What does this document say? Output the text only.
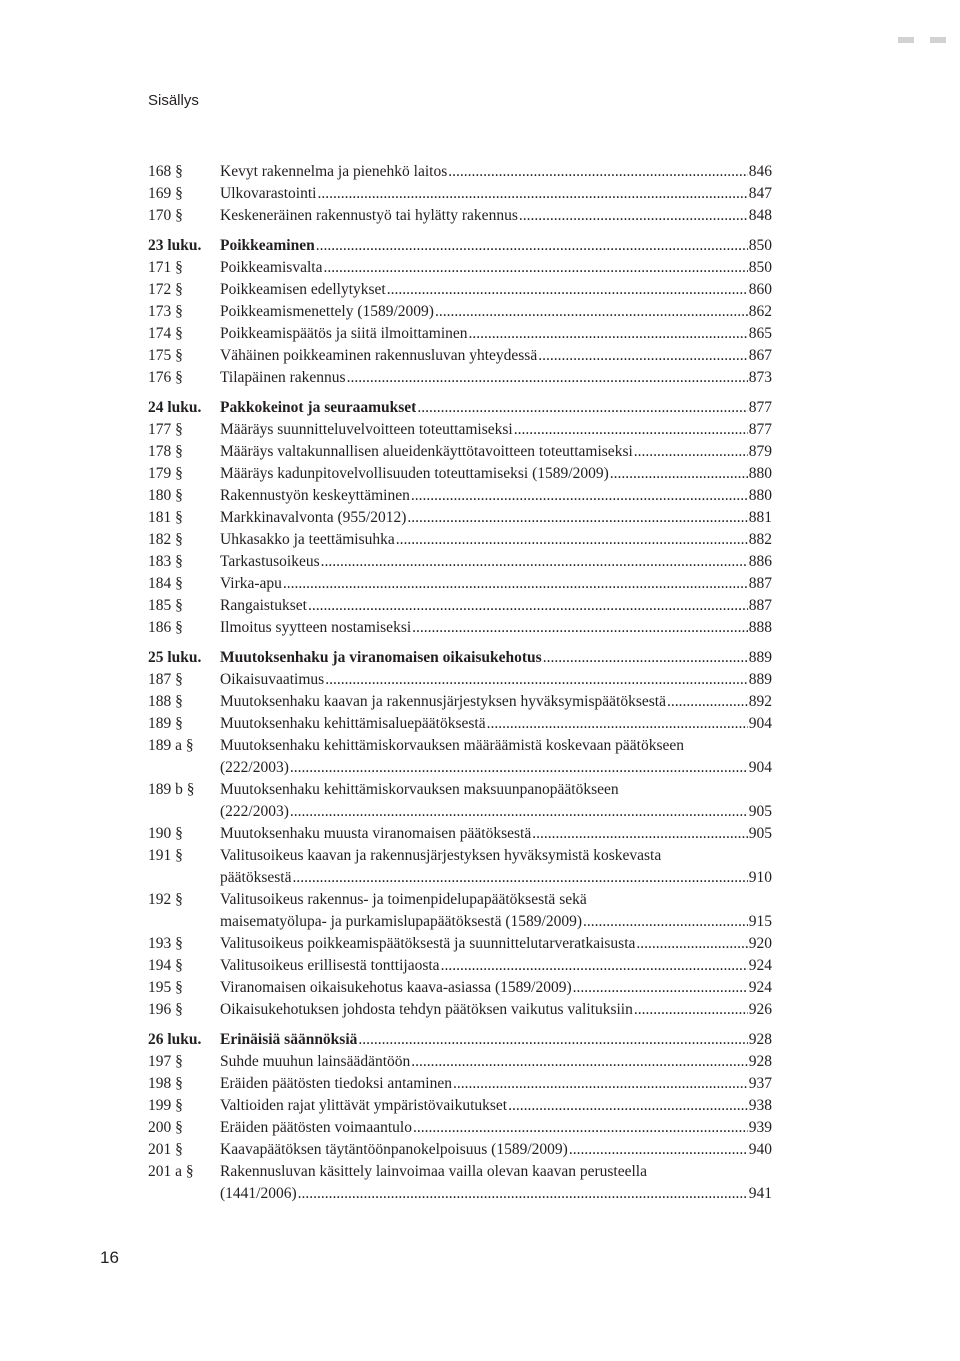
Sisällys
168 §	Kevyt rakennelma ja pienehkö laitos .....	846
169 §	Ulkovarastointi .....	847
170 §	Keskeneräinen rakennustyö tai hylätty rakennus .....	848
23 luku.	Poikkeaminen .....	850
171 §	Poikkeamisvalta .....	850
172 §	Poikkeamisen edellytykset .....	860
173 §	Poikkeamismenettely (1589/2009) .....	862
174 §	Poikkeamispäätös ja siitä ilmoittaminen .....	865
175 §	Vähäinen poikkeaminen rakennusluvan yhteydessä .....	867
176 §	Tilapäinen rakennus .....	873
24 luku.	Pakkokeinot ja seuraamukset .....	877
177 §	Määräys suunnitteluvelvoitteen toteuttamiseksi .....	877
178 §	Määräys valtakunnallisen alueidenkäyttötavoitteen toteuttamiseksi .....	879
179 §	Määräys kadunpitovelvollisuuden toteuttamiseksi (1589/2009) .....	880
180 §	Rakennustyön keskeyttäminen .....	880
181 §	Markkinavalvonta (955/2012) .....	881
182 §	Uhkasakko ja teettämisuhka .....	882
183 §	Tarkastusoikeus .....	886
184 §	Virka-apu .....	887
185 §	Rangaistukset .....	887
186 §	Ilmoitus syytteen nostamiseksi .....	888
25 luku.	Muutoksenhaku ja viranomaisen oikaisukehotus .....	889
187 §	Oikaisuvaatimus .....	889
188 §	Muutoksenhaku kaavan ja rakennusjärjestyksen hyväksymispäätöksestä .....	892
189 §	Muutoksenhaku kehittämisaluepäätöksestä .....	904
189 a §	Muutoksenhaku kehittämiskorvauksen määräämistä koskevaan päätökseen
(222/2003) .....	904
189 b §	Muutoksenhaku kehittämiskorvauksen maksuunpanopäätökseen
(222/2003) .....	905
190 §	Muutoksenhaku muusta viranomaisen päätöksestä .....	905
191 §	Valitusoikeus kaavan ja rakennusjärjestyksen hyväksymistä koskevasta
päätöksestä .....	910
192 §	Valitusoikeus rakennus- ja toimenpidelupapäätöksestä sekä
maisematyölupa- ja purkamislupapäätöksestä (1589/2009) .....	915
193 §	Valitusoikeus poikkeamispäätöksestä ja suunnittelutarveratkaisusta .....	920
194 §	Valitusoikeus erillisestä tonttijaosta .....	924
195 §	Viranomaisen oikaisukehotus kaava-asiassa (1589/2009) .....	924
196 §	Oikaisukehotuksen johdosta tehdyn päätöksen vaikutus valituksiin .....	926
26 luku.	Erinäisiä säännöksiä .....	928
197 §	Suhde muuhun lainsäädäntöön .....	928
198 §	Eräiden päätösten tiedoksi antaminen .....	937
199 §	Valtioiden rajat ylittävät ympäristövaikutukset .....	938
200 §	Eräiden päätösten voimaantulo .....	939
201 §	Kaavapäätöksen täytäntöönpanokelpoisuus (1589/2009) .....	940
201 a §	Rakennusluvan käsittely lainvoimaa vailla olevan kaavan perusteella
(1441/2006) .....	941
16
